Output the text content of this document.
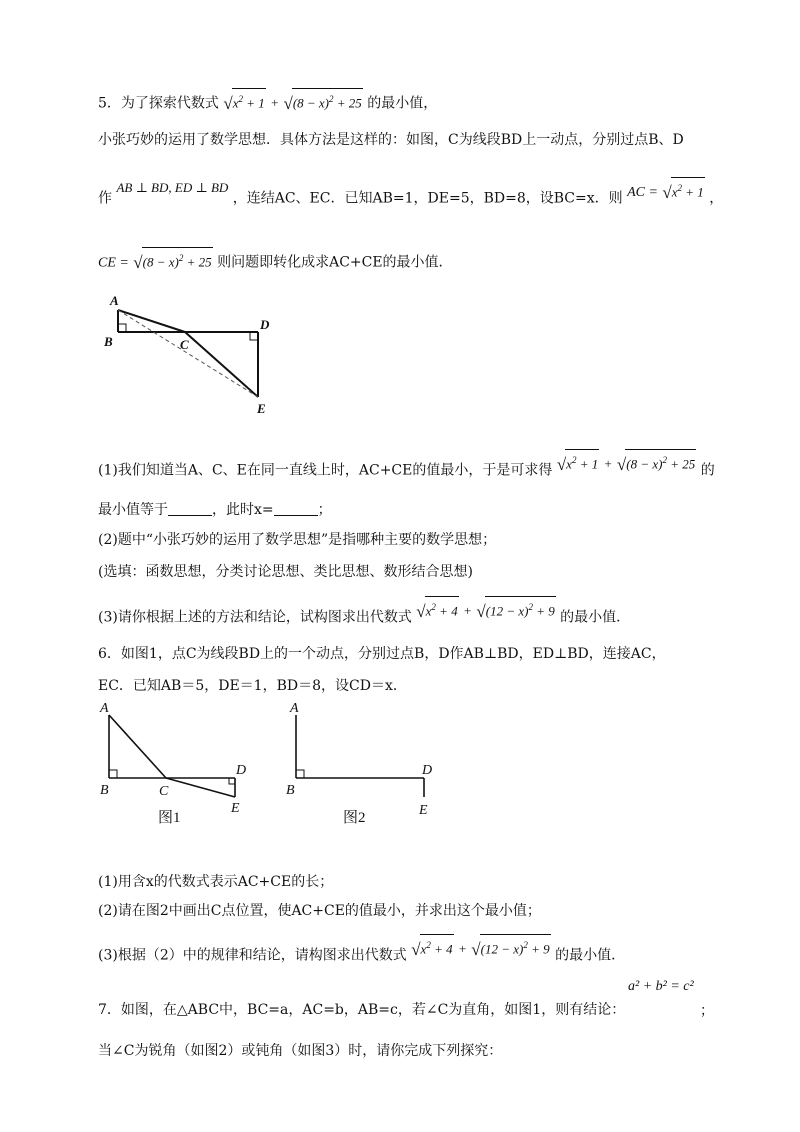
5．为了探索代数式 $√x^2 + 1 + √(8 - x)^2 + 25$ 的最小值，
小张巧妙的运用了数学思想．具体方法是这样的：如图，C为线段BD上一动点，分别过点B、D
作 AB ⊥ BD, ED ⊥ BD ，连结AC、EC．已知AB=1，DE=5，BD=8，设BC=x．则 AC = $√x^2 + 1$ ，
CE = $√(8 - x)^2 + 25$ 则问题即转化成求AC+CE的最小值．
A
B	C
D
E
(1)我们知道当A、C、E在同一直线上时，AC+CE的值最小，于是可求得 $√x^2 + 1 + √(8 - x)^2 + 25$ 的
最小值等于	，此时x=	；
(2)题中“小张巧妙的运用了数学思想”是指哪种主要的数学思想；
(选填：函数思想，分类讨论思想、类比思想、数形结合思想)
(3)请你根据上述的方法和结论，试构图求出代数式 $√x^2 + 4 + √(12 - x)^2 + 9$ 的最小值．
6．如图1，点C为线段BD上的一个动点，分别过点B，D作AB⊥BD，ED⊥BD，连接AC，
EC．已知AB＝5，DE＝1，BD＝8，设CD＝x．
A
B	C
D
E
图1
A
B
D
E
图2
(1)用含x的代数式表示AC+CE的长；
(2)请在图2中画出C点位置，使AC+CE的值最小，并求出这个最小值；
(3)根据（2）中的规律和结论，请构图求出代数式 $√x^2 + 4 + √(12 - x)^2 + 9$ 的最小值．
7．如图，在△ABC中，BC=a，AC=b，AB=c，若∠C为直角，如图1，则有结论：
a² + b² = c²
；
当∠C为锐角（如图2）或钝角（如图3）时，请你完成下列探究：
